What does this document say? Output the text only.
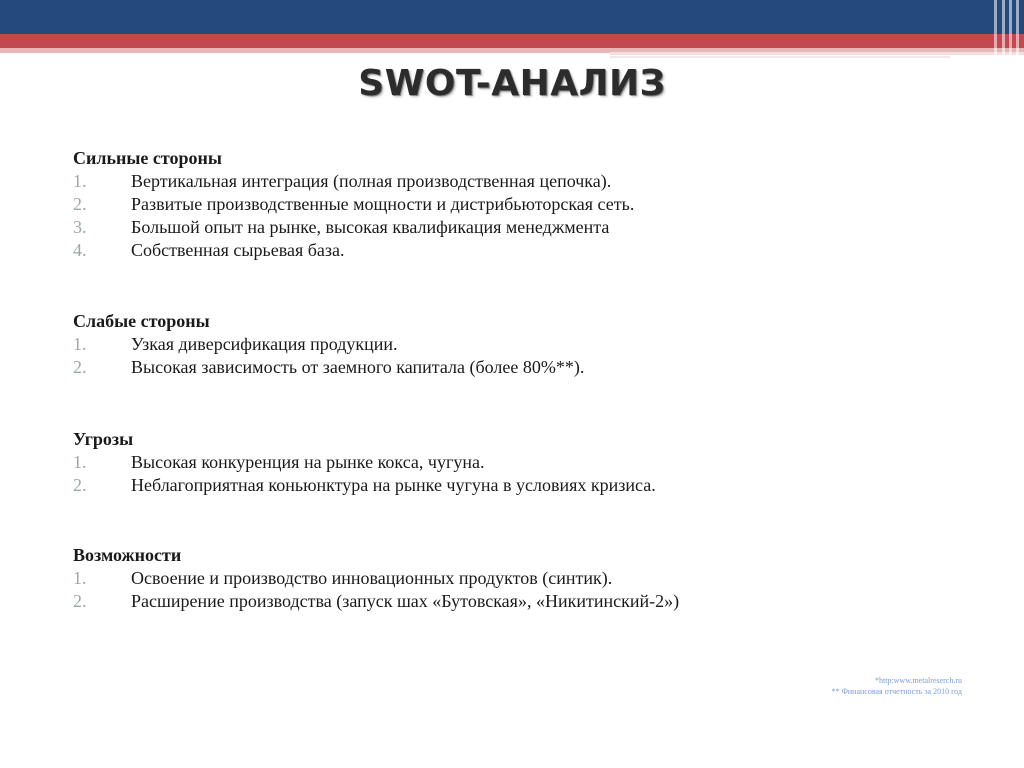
SWOT-АНАЛИЗ
Сильные стороны
1. Вертикальная интеграция (полная производственная цепочка).
2. Развитые производственные мощности и дистрибьюторская сеть.
3. Большой опыт на рынке, высокая квалификация менеджмента
4. Собственная сырьевая база.
Слабые стороны
1. Узкая диверсификация продукции.
2. Высокая зависимость от заемного капитала (более 80%**).
Угрозы
1. Высокая конкуренция на рынке кокса, чугуна.
2. Неблагоприятная коньюнктура на рынке чугуна в условиях кризиса.
Возможности
1. Освоение и производство инновационных продуктов (синтик).
2. Расширение производства (запуск шах «Бутовская», «Никитинский-2»)
*http:www.metalreserch.ru
** Финансовая отчетность за 2010 год
